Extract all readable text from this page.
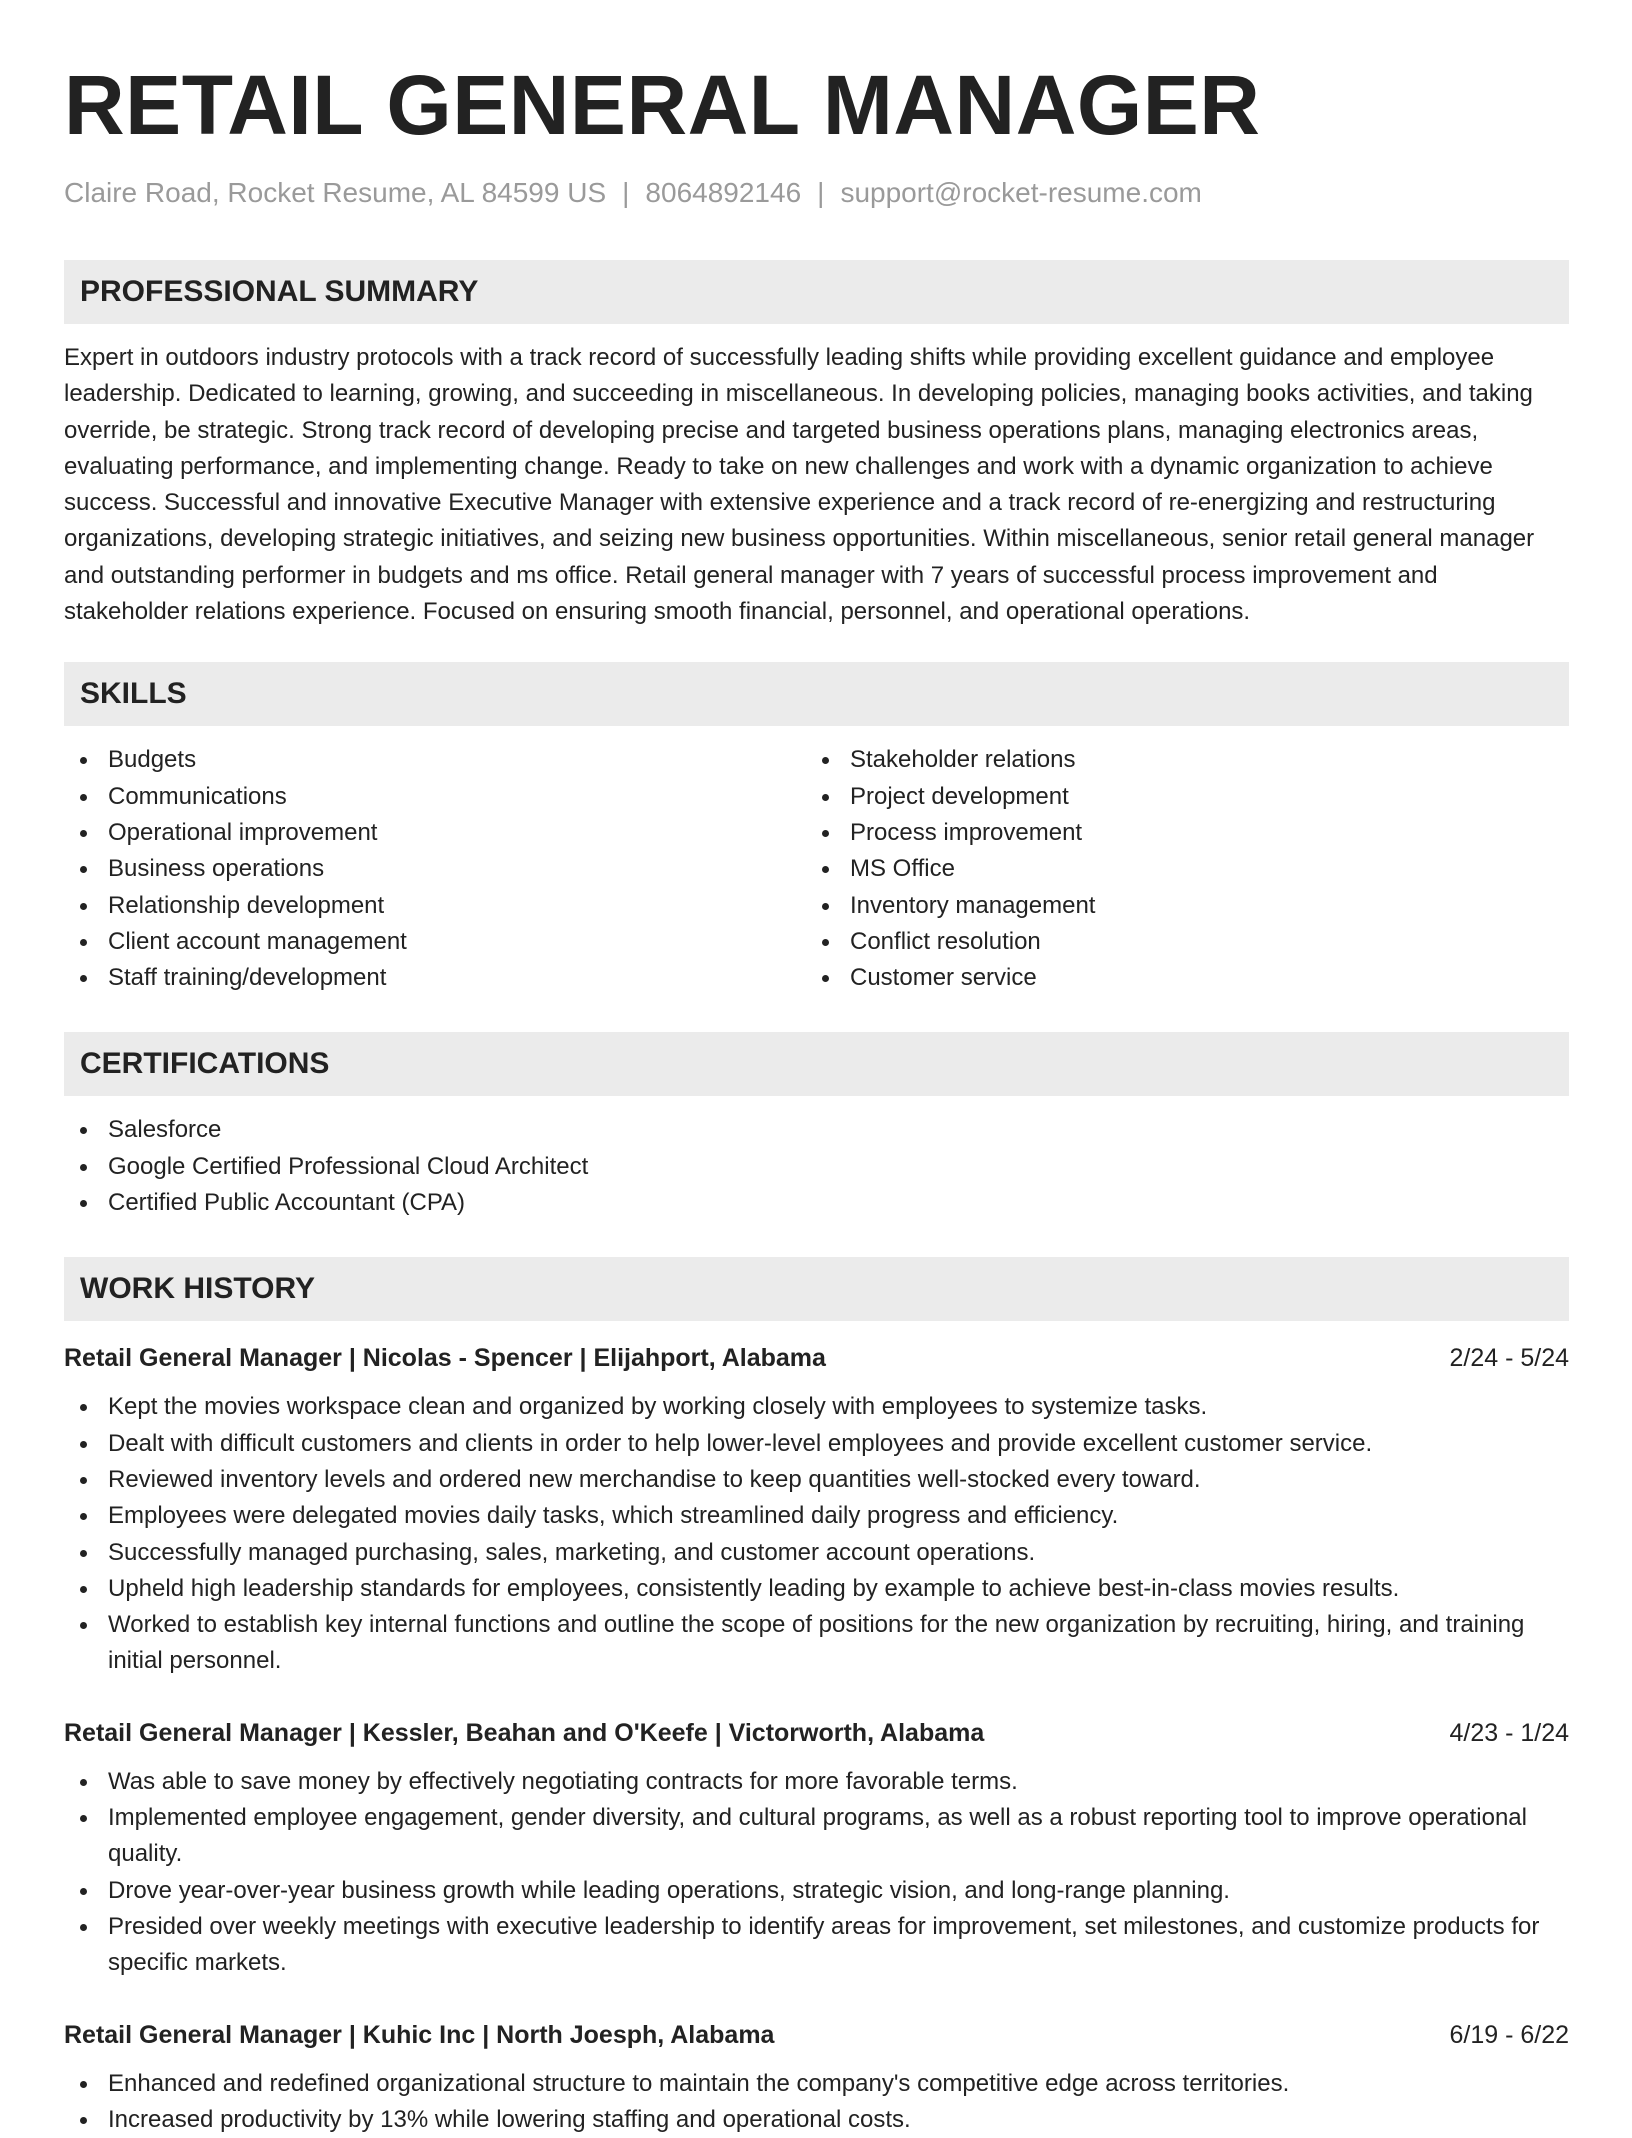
RETAIL GENERAL MANAGER
Claire Road, Rocket Resume, AL 84599 US | 8064892146 | support@rocket-resume.com
PROFESSIONAL SUMMARY

Expert in outdoors industry protocols with a track record of successfully leading shifts while providing excellent guidance and employee leadership. Dedicated to learning, growing, and succeeding in miscellaneous. In developing policies, managing books activities, and taking override, be strategic. Strong track record of developing precise and targeted business operations plans, managing electronics areas, evaluating performance, and implementing change. Ready to take on new challenges and work with a dynamic organization to achieve success. Successful and innovative Executive Manager with extensive experience and a track record of re-energizing and restructuring organizations, developing strategic initiatives, and seizing new business opportunities. Within miscellaneous, senior retail general manager and outstanding performer in budgets and ms office. Retail general manager with 7 years of successful process improvement and stakeholder relations experience. Focused on ensuring smooth financial, personnel, and operational operations.

SKILLS
Budgets
Communications
Operational improvement
Business operations
Relationship development
Client account management
Staff training/development
Stakeholder relations
Project development
Process improvement
MS Office
Inventory management
Conflict resolution
Customer service
CERTIFICATIONS
Salesforce
Google Certified Professional Cloud Architect
Certified Public Accountant (CPA)
WORK HISTORY
Retail General Manager | Nicolas - Spencer | Elijahport, Alabama	2/24 - 5/24
Kept the movies workspace clean and organized by working closely with employees to systemize tasks.
Dealt with difficult customers and clients in order to help lower-level employees and provide excellent customer service.
Reviewed inventory levels and ordered new merchandise to keep quantities well-stocked every toward.
Employees were delegated movies daily tasks, which streamlined daily progress and efficiency.
Successfully managed purchasing, sales, marketing, and customer account operations.
Upheld high leadership standards for employees, consistently leading by example to achieve best-in-class movies results.
Worked to establish key internal functions and outline the scope of positions for the new organization by recruiting, hiring, and training initial personnel.
Retail General Manager | Kessler, Beahan and O'Keefe | Victorworth, Alabama	4/23 - 1/24
Was able to save money by effectively negotiating contracts for more favorable terms.
Implemented employee engagement, gender diversity, and cultural programs, as well as a robust reporting tool to improve operational quality.
Drove year-over-year business growth while leading operations, strategic vision, and long-range planning.
Presided over weekly meetings with executive leadership to identify areas for improvement, set milestones, and customize products for specific markets.
Retail General Manager | Kuhic Inc | North Joesph, Alabama	6/19 - 6/22
Enhanced and redefined organizational structure to maintain the company's competitive edge across territories.
Increased productivity by 13% while lowering staffing and operational costs.
